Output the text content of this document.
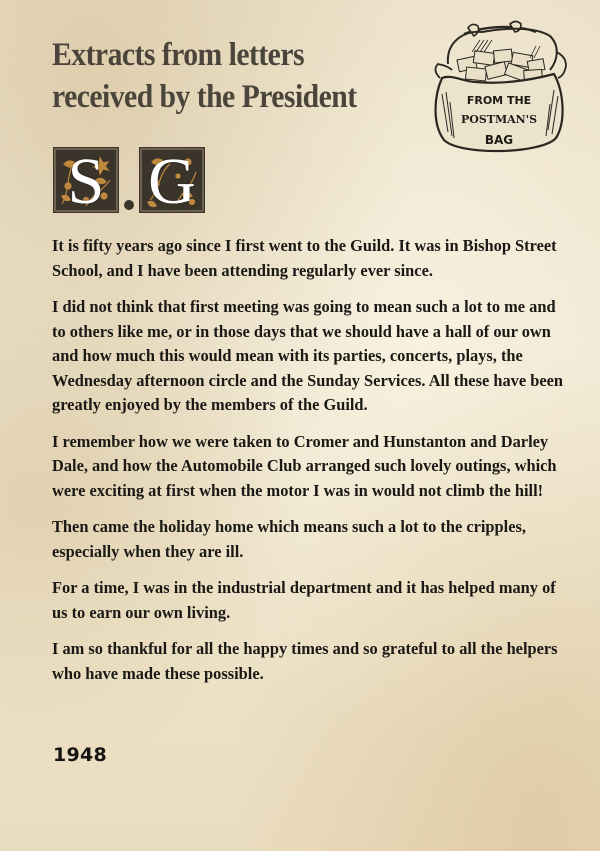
Extracts from letters
received by the President	FROM THE
POSTMAN'S
BAG
S G

It is fifty years ago since I first went to the Guild. It was in Bishop Street School, and I have been attending regularly ever since.

I did not think that first meeting was going to mean such a lot to me and to others like me, or in those days that we should have a hall of our own and how much this would mean with its parties, concerts, plays, the Wednesday afternoon circle and the Sunday Services. All these have been greatly enjoyed by the members of the Guild.

I remember how we were taken to Cromer and Hunstanton and Darley Dale, and how the Automobile Club arranged such lovely outings, which were exciting at first when the motor I was in would not climb the hill!

Then came the holiday home which means such a lot to the cripples, especially when they are ill.

For a time, I was in the industrial department and it has helped many of us to earn our own living.

I am so thankful for all the happy times and so grateful to all the helpers who have made these possible.

1948
